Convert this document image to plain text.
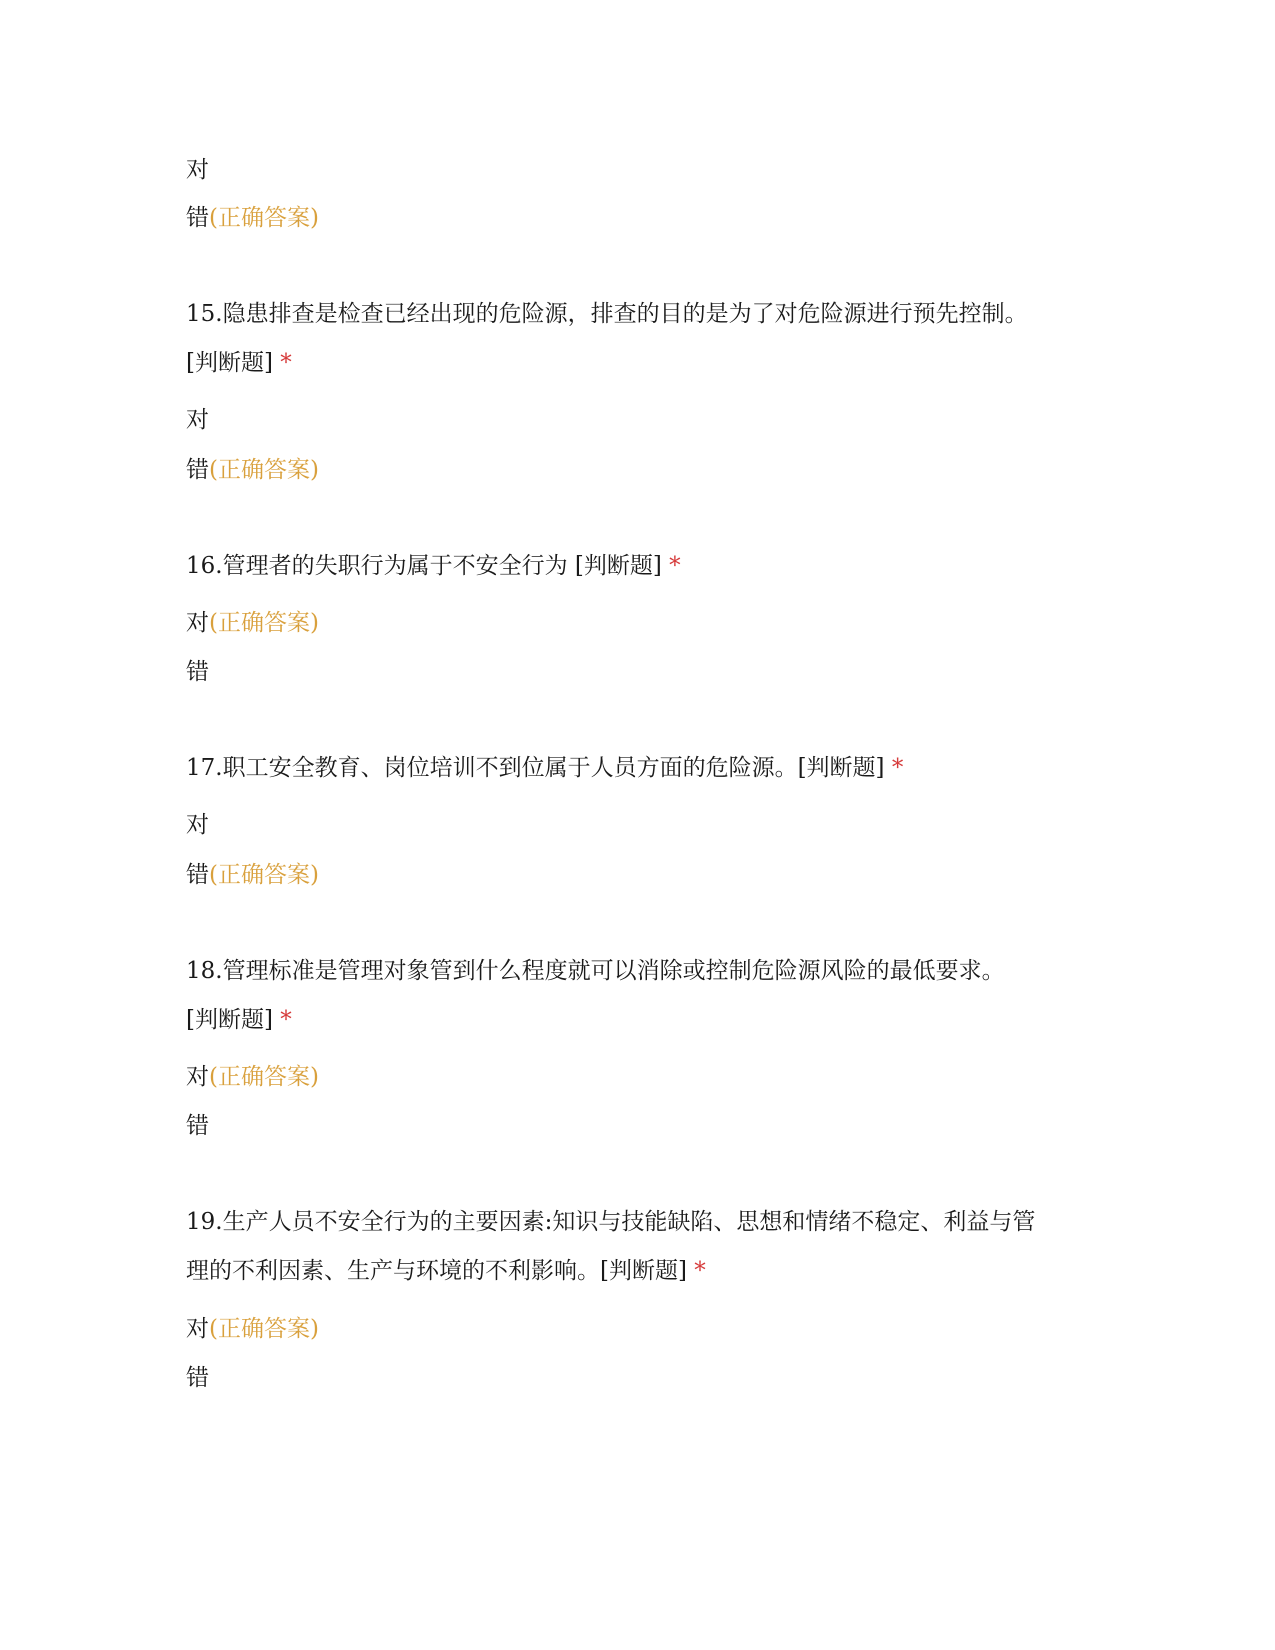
对
错(正确答案)
15.隐患排查是检查已经出现的危险源，排查的目的是为了对危险源进行预先控制。
[判断题] *
对
错(正确答案)
16.管理者的失职行为属于不安全行为 [判断题] *
对(正确答案)
错
17.职工安全教育、岗位培训不到位属于人员方面的危险源。[判断题] *
对
错(正确答案)
18.管理标准是管理对象管到什么程度就可以消除或控制危险源风险的最低要求。
[判断题] *
对(正确答案)
错
19.生产人员不安全行为的主要因素:知识与技能缺陷、思想和情绪不稳定、利益与管
理的不利因素、生产与环境的不利影响。[判断题] *
对(正确答案)
错
